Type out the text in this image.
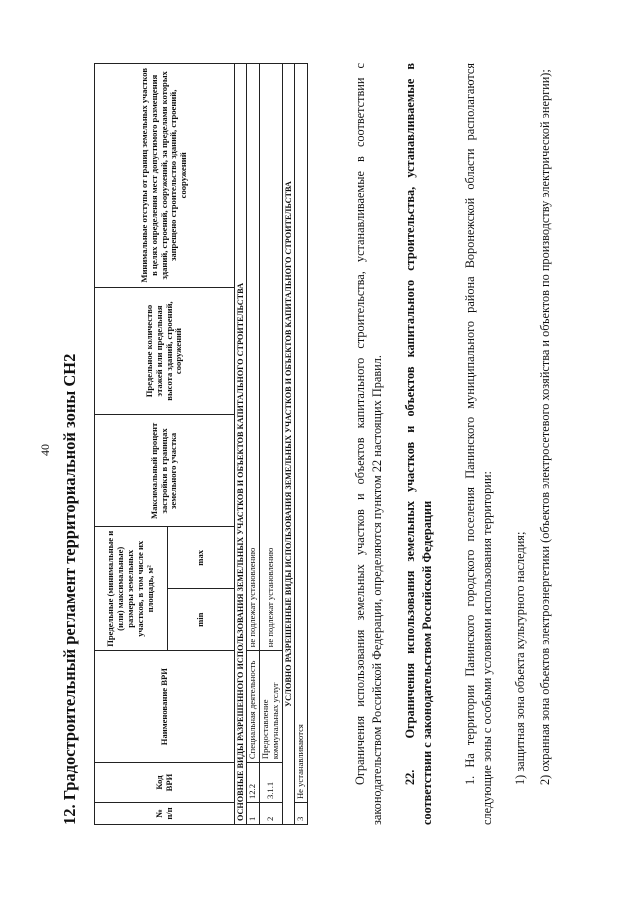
40 12. Градостроительный регламент территориальной зоны СН2	№ п/п	Код ВРИ	Наименование ВРИ	Предельные (минимальные и (или) максимальные) размеры земельных участков, в том числе их площадь, м²		Максимальный процент застройки в границах земельного участка	Предельное количество этажей или предельная высота зданий, строений, сооружений	Минимальные отступы от границ земельных участков в целях определения мест допустимого размещения зданий, строений, сооружений, за пределами которых запрещено строительство зданий, строений, сооружений
			min	max			
ОСНОВНЫЕ ВИДЫ РАЗРЕШЕННОГО ИСПОЛЬЗОВАНИЯ ЗЕМЕЛЬНЫХ УЧАСТКОВ И ОБЪЕКТОВ КАПИТАЛЬНОГО СТРОИТЕЛЬСТВА							
1	12.2	Специальная деятельность	не подлежат установлению				
2	3.1.1	Предоставление коммунальных услуг	не подлежат установлению				
УСЛОВНО РАЗРЕШЕННЫЕ ВИДЫ ИСПОЛЬЗОВАНИЯ ЗЕМЕЛЬНЫХ УЧАСТКОВ И ОБЪЕКТОВ КАПИТАЛЬНОГО СТРОИТЕЛЬСТВА							
3	Не устанавливаются							Ограничения использования земельных участков и объектов капитального строительства, устанавливаемые в соответствии с законодательством Российской Федерации, определяются пунктом 22 настоящих Правил. 22. Ограничения использования земельных участков и объектов капитального строительства, устанавливаемые в соответствии с законодательством Российской Федерации 1. На территории Панинского городского поселения Панинского муниципального района Воронежской области располагаются следующие зоны с особыми условиями использования территории: 1) защитная зона объекта культурного наследия; 2) охранная зона объектов электроэнергетики (объектов электросетевого хозяйства и объектов по производству электрической энергии);
